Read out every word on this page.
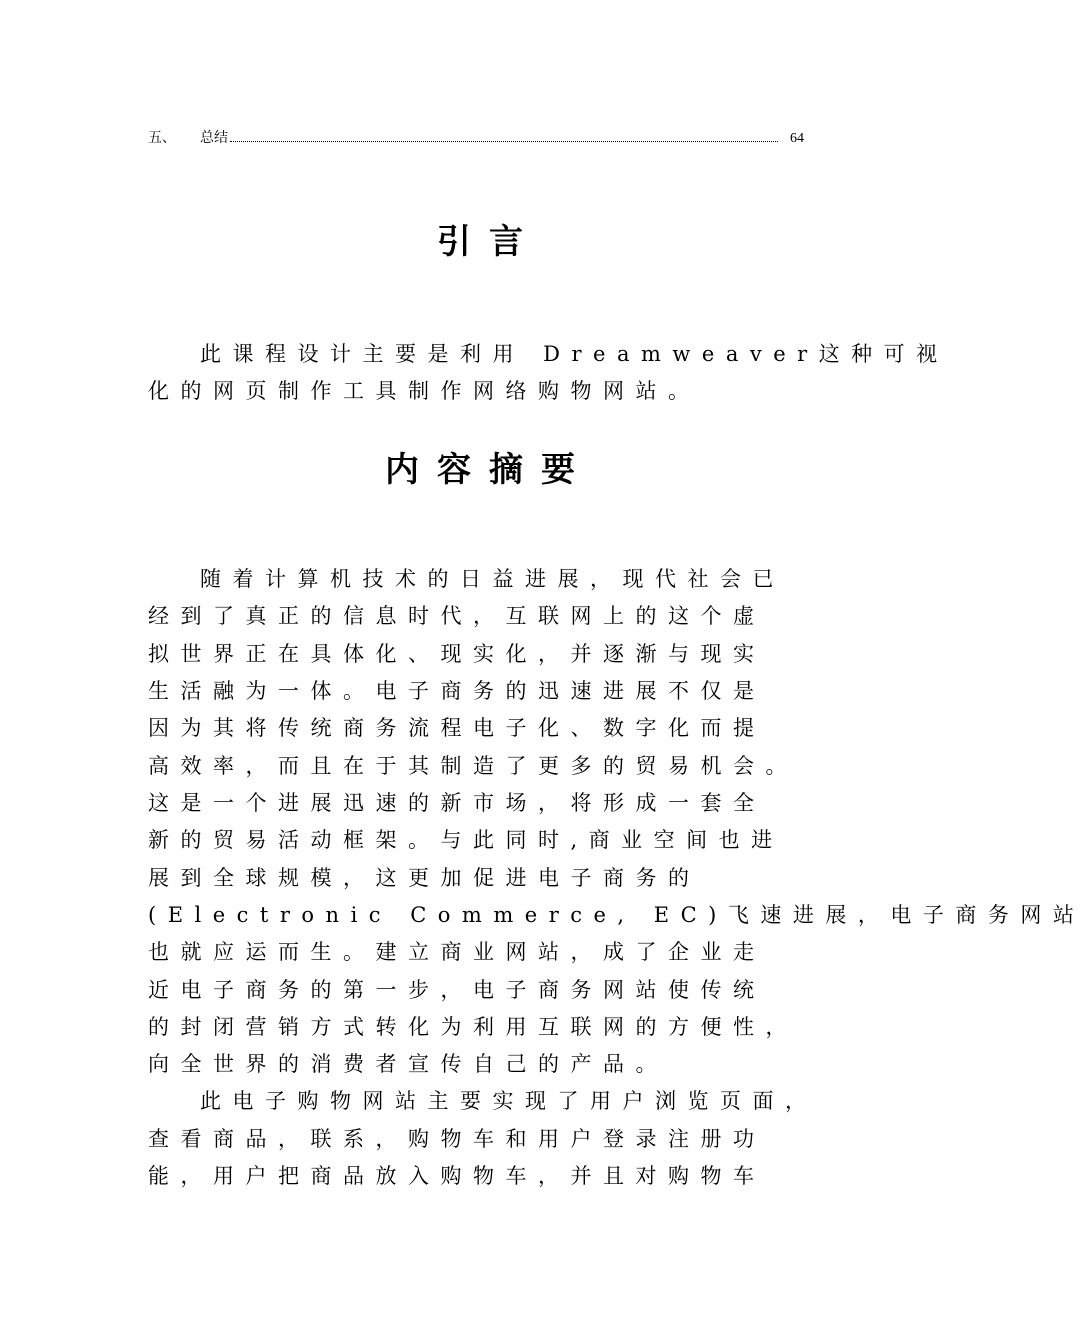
五、	总结	64
引言
此课程设计主要是利用 Dreamweaver这种可视
化的网页制作工具制作网络购物网站。
内容摘要
随着计算机技术的日益进展，现代社会已
经到了真正的信息时代，互联网上的这个虚
拟世界正在具体化、现实化，并逐渐与现实
生活融为一体。电子商务的迅速进展不仅是
因为其将传统商务流程电子化、数字化而提
高效率，而且在于其制造了更多的贸易机会。
这是一个进展迅速的新市场，将形成一套全
新的贸易活动框架。与此同时,商业空间也进
展到全球规模，这更加促进电子商务的
(Electronic Commerce, EC)飞速进展，电子商务网站
也就应运而生。建立商业网站，成了企业走
近电子商务的第一步，电子商务网站使传统
的封闭营销方式转化为利用互联网的方便性，
向全世界的消费者宣传自己的产品。
此电子购物网站主要实现了用户浏览页面，
查看商品，联系，购物车和用户登录注册功
能，用户把商品放入购物车，并且对购物车
